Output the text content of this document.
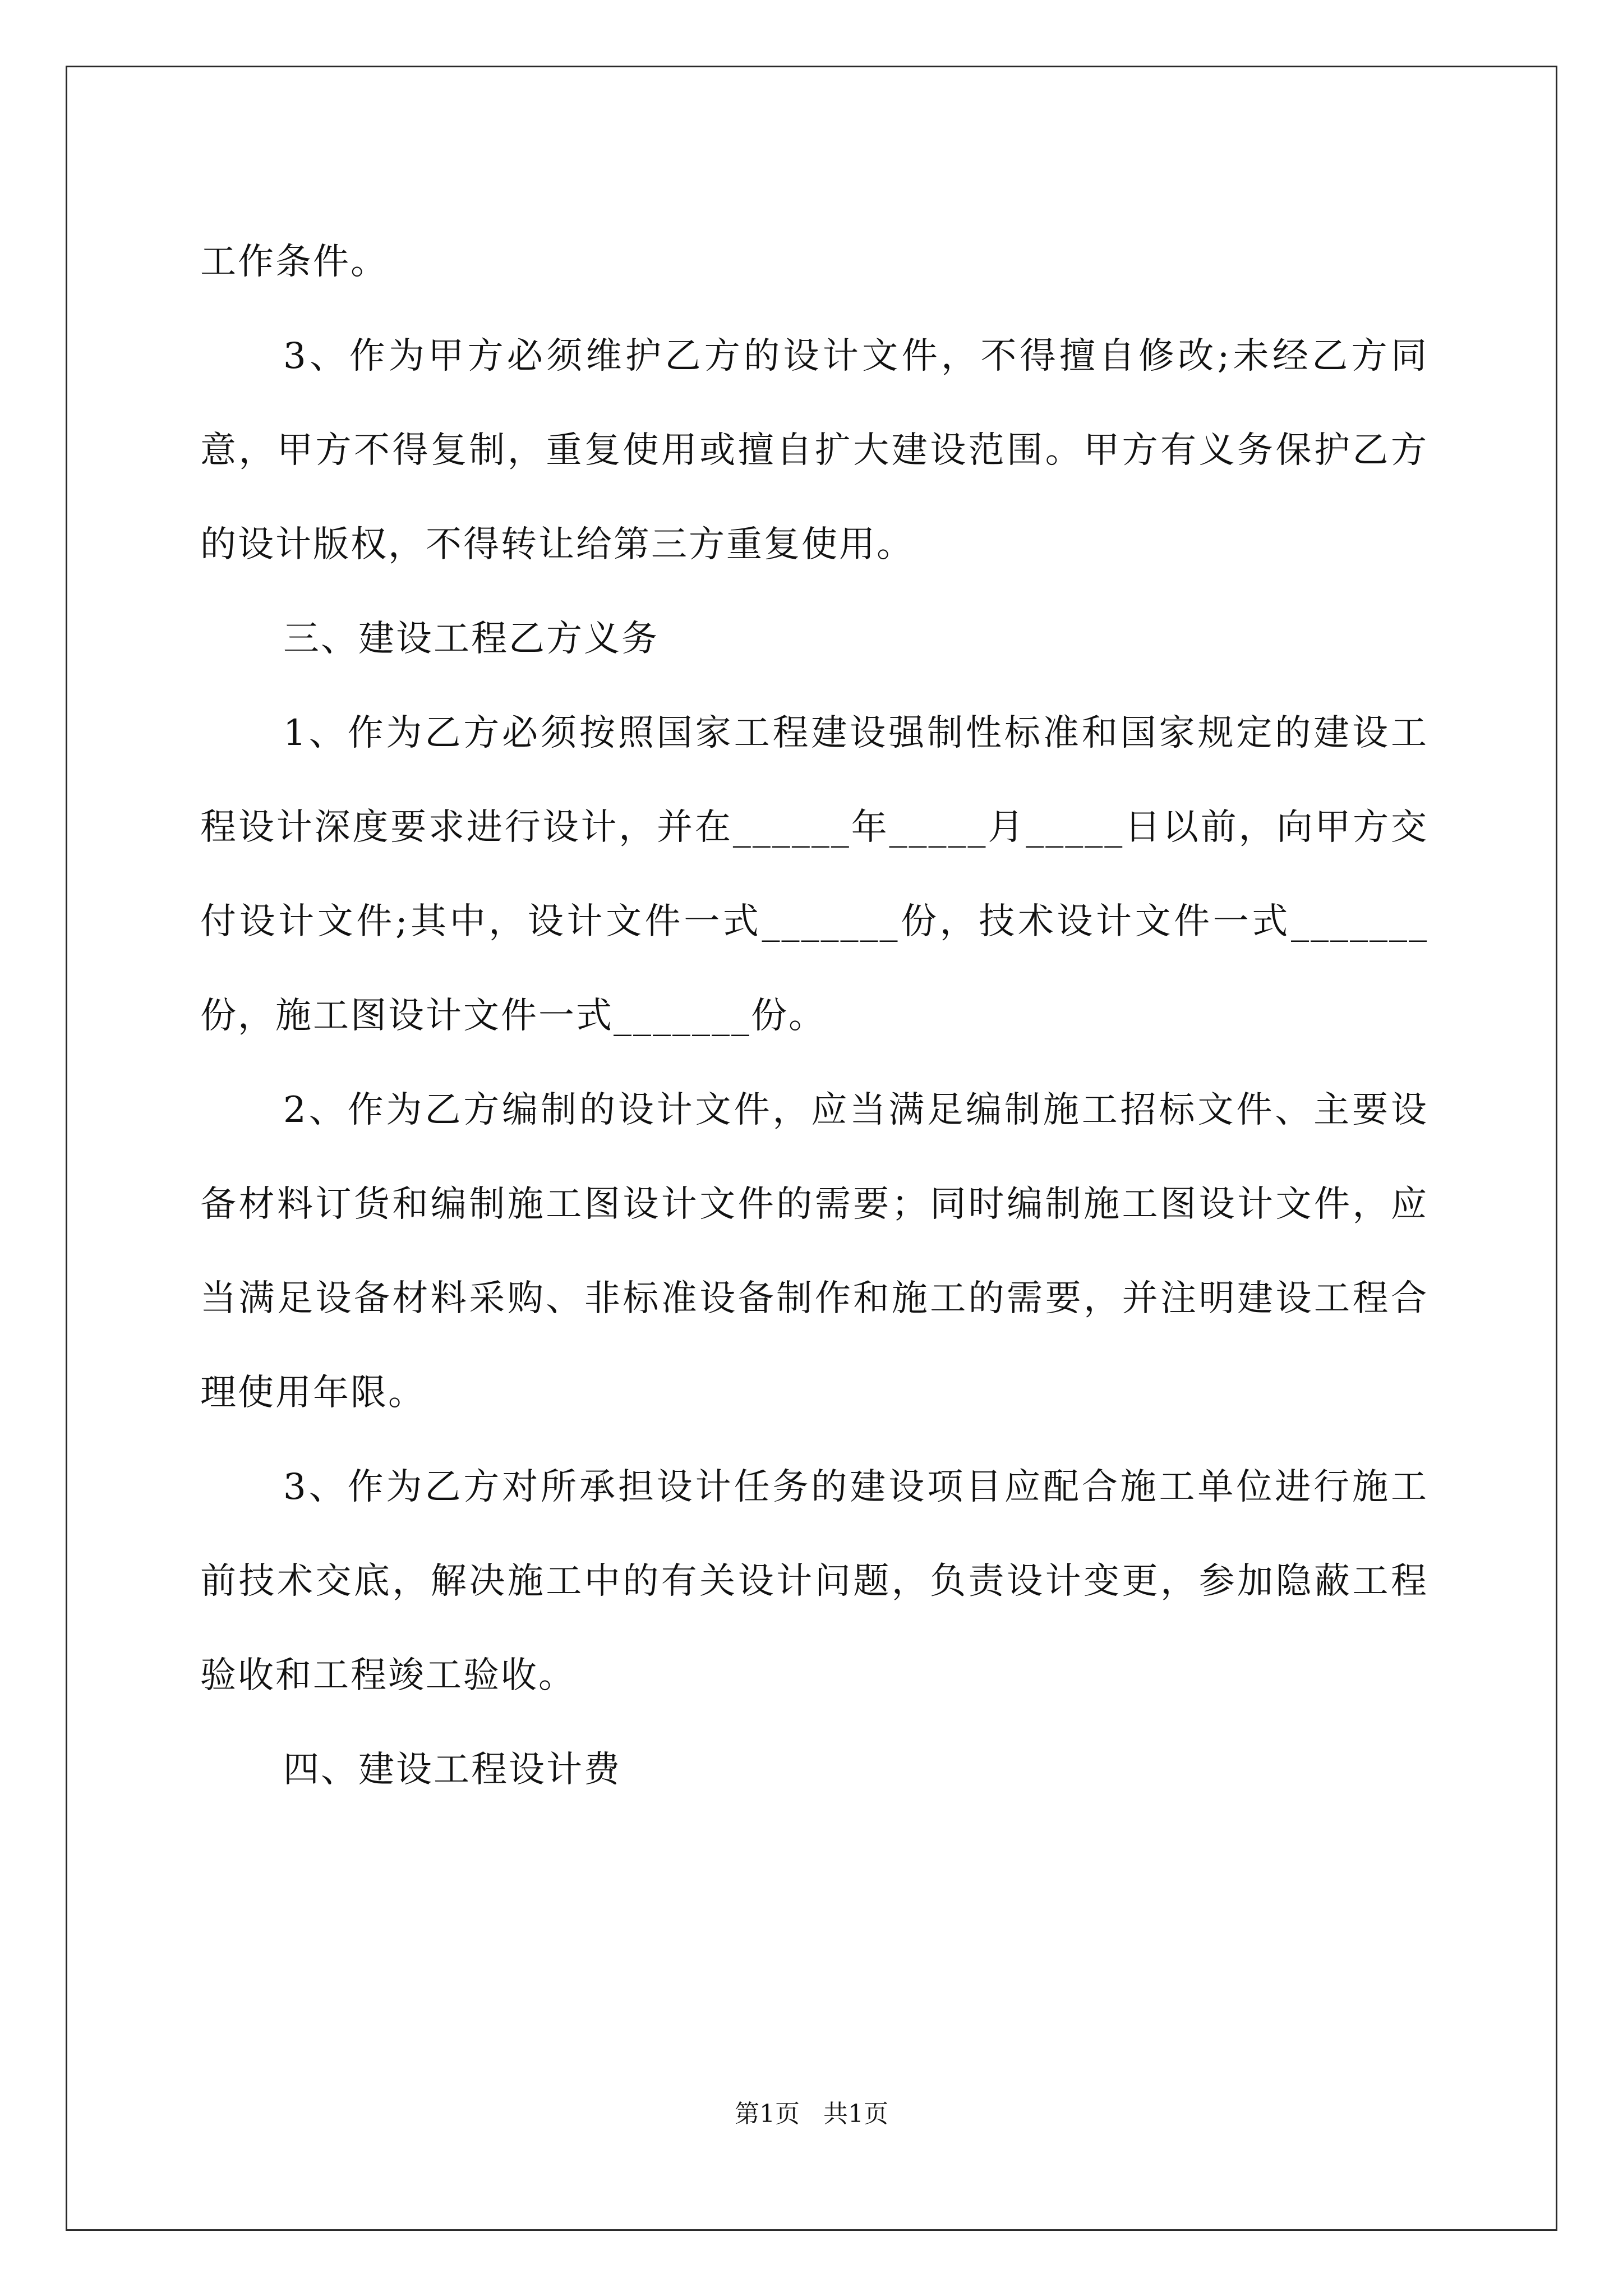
工作条件。

3、作为甲方必须维护乙方的设计文件，不得擅自修改;未经乙方同意，甲方不得复制，重复使用或擅自扩大建设范围。甲方有义务保护乙方的设计版权，不得转让给第三方重复使用。

三、建设工程乙方义务

1、作为乙方必须按照国家工程建设强制性标准和国家规定的建设工程设计深度要求进行设计，并在______年_____月_____日以前，向甲方交付设计文件;其中，设计文件一式_______份，技术设计文件一式_______份，施工图设计文件一式_______份。

2、作为乙方编制的设计文件，应当满足编制施工招标文件、主要设备材料订货和编制施工图设计文件的需要；同时编制施工图设计文件，应当满足设备材料采购、非标准设备制作和施工的需要，并注明建设工程合理使用年限。

3、作为乙方对所承担设计任务的建设项目应配合施工单位进行施工前技术交底，解决施工中的有关设计问题，负责设计变更，参加隐蔽工程验收和工程竣工验收。

四、建设工程设计费

第1页   共1页
